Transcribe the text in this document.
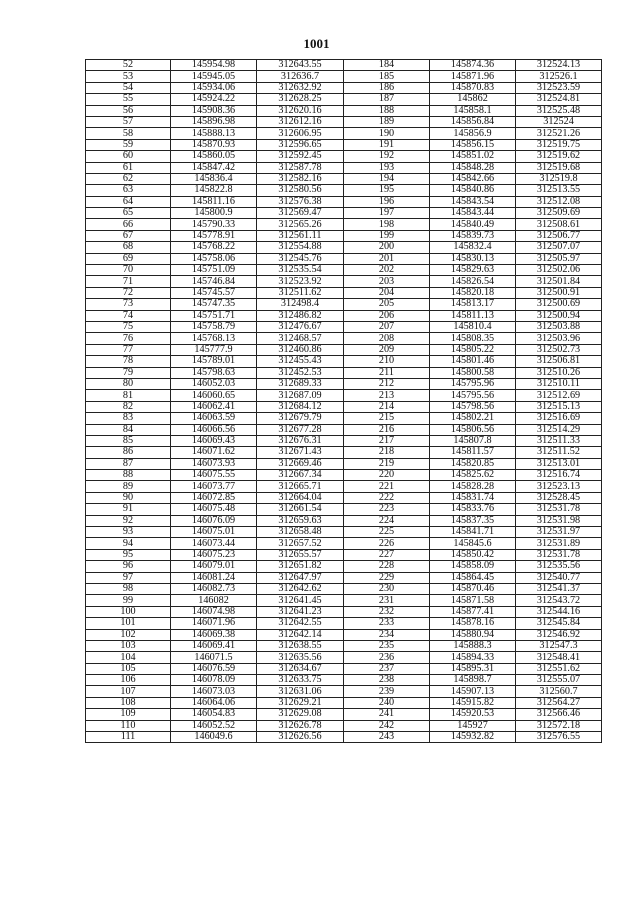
1001
52	145954.98	312643.55	184	145874.36	312524.13
53	145945.05	312636.7	185	145871.96	312526.1
54	145934.06	312632.92	186	145870.83	312523.59
55	145924.22	312628.25	187	145862	312524.81
56	145908.36	312620.16	188	145858.1	312525.48
57	145896.98	312612.16	189	145856.84	312524
58	145888.13	312606.95	190	145856.9	312521.26
59	145870.93	312596.65	191	145856.15	312519.75
60	145860.05	312592.45	192	145851.02	312519.62
61	145847.42	312587.78	193	145848.28	312519.68
62	145836.4	312582.16	194	145842.66	312519.8
63	145822.8	312580.56	195	145840.86	312513.55
64	145811.16	312576.38	196	145843.54	312512.08
65	145800.9	312569.47	197	145843.44	312509.69
66	145790.33	312565.26	198	145840.49	312508.61
67	145778.91	312561.11	199	145839.73	312506.77
68	145768.22	312554.88	200	145832.4	312507.07
69	145758.06	312545.76	201	145830.13	312505.97
70	145751.09	312535.54	202	145829.63	312502.06
71	145746.84	312523.92	203	145826.54	312501.84
72	145745.57	312511.62	204	145820.18	312500.91
73	145747.35	312498.4	205	145813.17	312500.69
74	145751.71	312486.82	206	145811.13	312500.94
75	145758.79	312476.67	207	145810.4	312503.88
76	145768.13	312468.57	208	145808.35	312503.96
77	145777.9	312460.86	209	145805.22	312502.73
78	145789.01	312455.43	210	145801.46	312506.81
79	145798.63	312452.53	211	145800.58	312510.26
80	146052.03	312689.33	212	145795.96	312510.11
81	146060.65	312687.09	213	145795.56	312512.69
82	146062.41	312684.12	214	145798.56	312515.13
83	146063.59	312679.79	215	145802.21	312516.69
84	146066.56	312677.28	216	145806.56	312514.29
85	146069.43	312676.31	217	145807.8	312511.33
86	146071.62	312671.43	218	145811.57	312511.52
87	146073.93	312669.46	219	145820.85	312513.01
88	146075.55	312667.34	220	145825.62	312516.74
89	146073.77	312665.71	221	145828.28	312523.13
90	146072.85	312664.04	222	145831.74	312528.45
91	146075.48	312661.54	223	145833.76	312531.78
92	146076.09	312659.63	224	145837.35	312531.98
93	146075.01	312658.48	225	145841.71	312531.97
94	146073.44	312657.52	226	145845.6	312531.89
95	146075.23	312655.57	227	145850.42	312531.78
96	146079.01	312651.82	228	145858.09	312535.56
97	146081.24	312647.97	229	145864.45	312540.77
98	146082.73	312642.62	230	145870.46	312541.37
99	146082	312641.45	231	145871.58	312543.72
100	146074.98	312641.23	232	145877.41	312544.16
101	146071.96	312642.55	233	145878.16	312545.84
102	146069.38	312642.14	234	145880.94	312546.92
103	146069.41	312638.55	235	145888.3	312547.3
104	146071.5	312635.56	236	145894.33	312548.41
105	146076.59	312634.67	237	145895.31	312551.62
106	146078.09	312633.75	238	145898.7	312555.07
107	146073.03	312631.06	239	145907.13	312560.7
108	146064.06	312629.21	240	145915.82	312564.27
109	146054.83	312629.08	241	145920.53	312566.46
110	146052.52	312626.78	242	145927	312572.18
111	146049.6	312626.56	243	145932.82	312576.55
